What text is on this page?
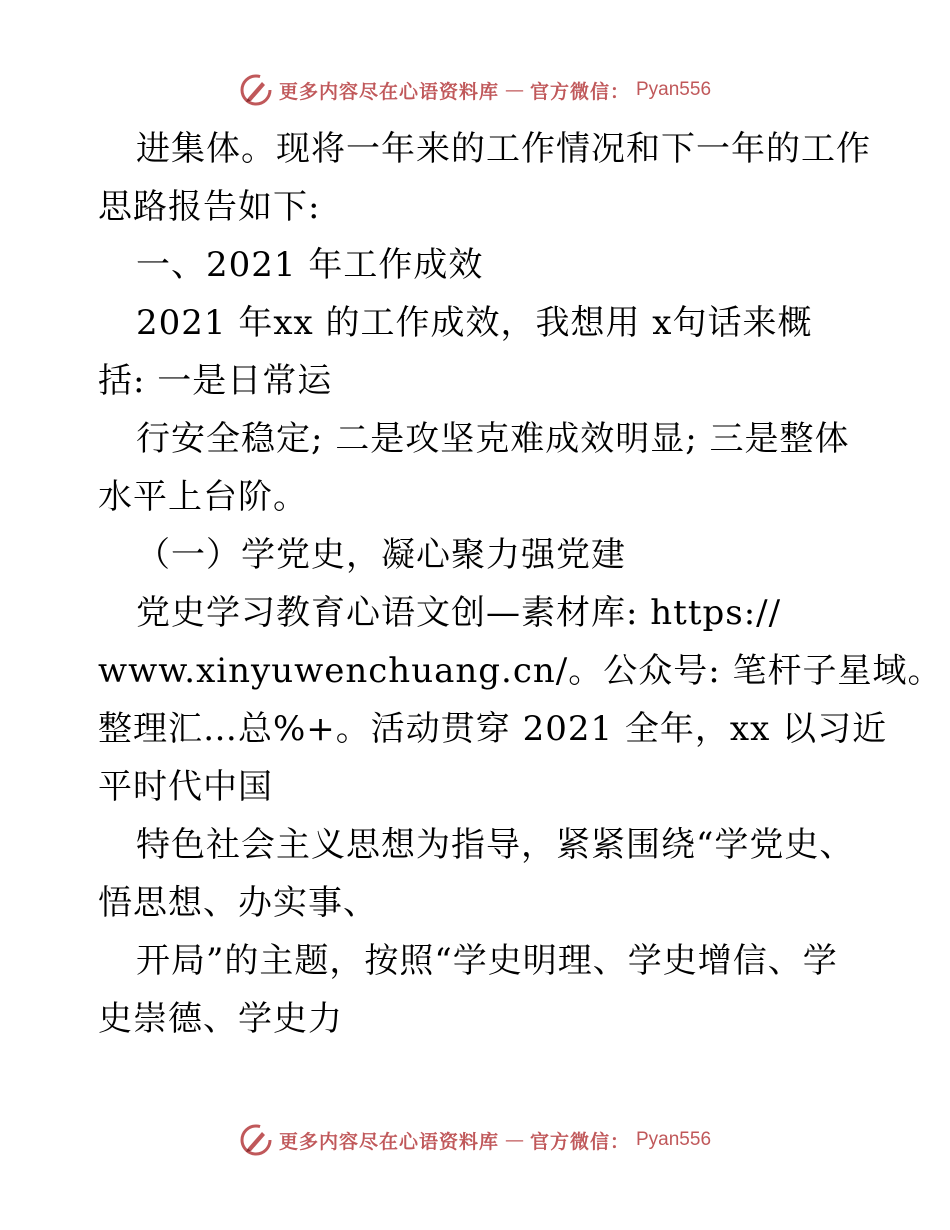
更多内容尽在心语资料库 — 官方微信： Pyan556
进集体。现将一年来的工作情况和下一年的工作
思路报告如下:
一、2021 年工作成效
2021 年xx 的工作成效，我想用 x句话来概
括: 一是日常运
行安全稳定; 二是攻坚克难成效明显; 三是整体
水平上台阶。
（一）学党史，凝心聚力强党建
党史学习教育心语文创—素材库: https://
www.xinyuwenchuang.cn/。公众号: 笔杆子星域。
整理汇…总%+。活动贯穿 2021 全年，xx 以习近
平时代中国
特色社会主义思想为指导，紧紧围绕“学党史、
悟思想、办实事、
开局”的主题，按照“学史明理、学史增信、学
史崇德、学史力
更多内容尽在心语资料库 — 官方微信： Pyan556
